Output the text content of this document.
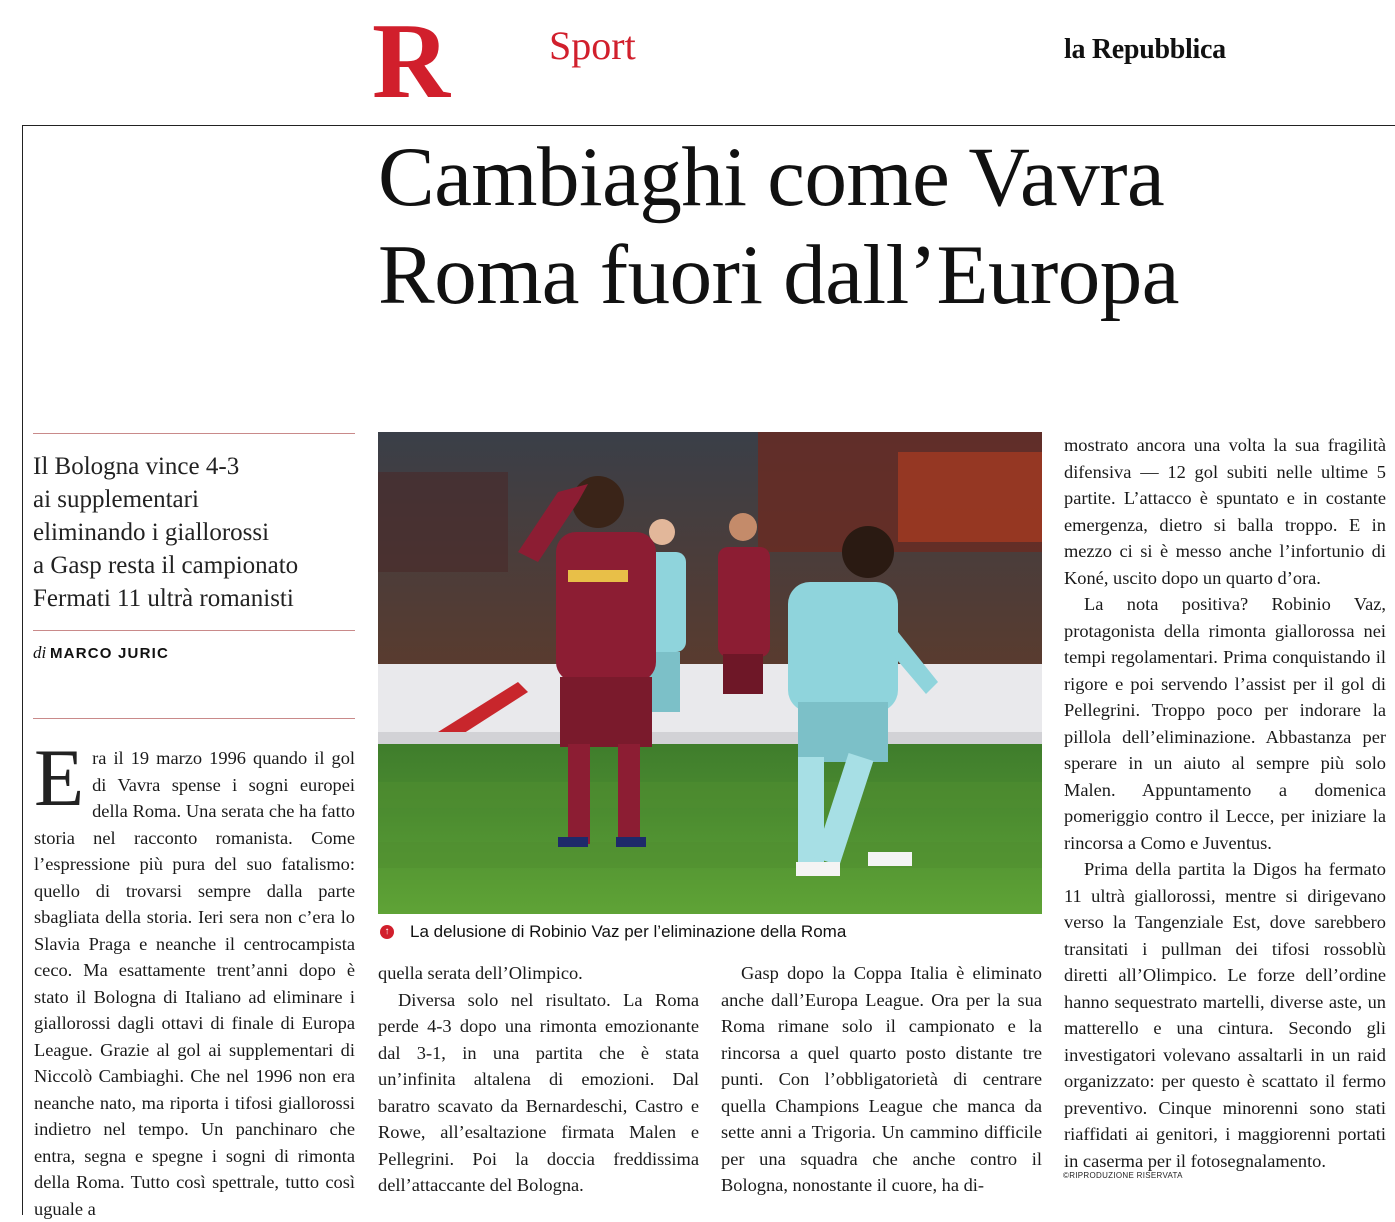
R Sport	la Repubblica
Cambiaghi come Vavra
Roma fuori dall’Europa
Il Bologna vince 4-3
ai supplementari
eliminando i giallorossi
a Gasp resta il campionato
Fermati 11 ultrà romanisti
di MARCO JURIC

Era il 19 marzo 1996 quando il gol di Vavra spense i sogni europei della Roma. Una serata che ha fatto storia nel racconto romanista. Come l’espressione più pura del suo fatalismo: quello di trovarsi sempre dalla parte sbagliata della storia. Ieri sera non c’era lo Slavia Praga e neanche il centrocampista ceco. Ma esattamente trent’anni dopo è stato il Bologna di Italiano ad eliminare i giallorossi dagli ottavi di finale di Europa League. Grazie al gol ai supplementari di Niccolò Cambiaghi. Che nel 1996 non era neanche nato, ma riporta i tifosi giallorossi indietro nel tempo. Un panchinaro che entra, segna e spegne i sogni di rimonta della Roma. Tutto così spettrale, tutto così uguale a

↑ La delusione di Robinio Vaz per l’eliminazione della Roma

quella serata dell’Olimpico.

Diversa solo nel risultato. La Roma perde 4-3 dopo una rimonta emozionante dal 3-1, in una partita che è stata un’infinita altalena di emozioni. Dal baratro scavato da Bernardeschi, Castro e Rowe, all’esaltazione firmata Malen e Pellegrini. Poi la doccia freddissima dell’attaccante del Bologna.

Gasp dopo la Coppa Italia è eliminato anche dall’Europa League. Ora per la sua Roma rimane solo il campionato e la rincorsa a quel quarto posto distante tre punti. Con l’obbligatorietà di centrare quella Champions League che manca da sette anni a Trigoria. Un cammino difficile per una squadra che anche contro il Bologna, nonostante il cuore, ha di-

mostrato ancora una volta la sua fragilità difensiva — 12 gol subiti nelle ultime 5 partite. L’attacco è spuntato e in costante emergenza, dietro si balla troppo. E in mezzo ci si è messo anche l’infortunio di Koné, uscito dopo un quarto d’ora.

La nota positiva? Robinio Vaz, protagonista della rimonta giallorossa nei tempi regolamentari. Prima conquistando il rigore e poi servendo l’assist per il gol di Pellegrini. Troppo poco per indorare la pillola dell’eliminazione. Abbastanza per sperare in un aiuto al sempre più solo Malen. Appuntamento a domenica pomeriggio contro il Lecce, per iniziare la rincorsa a Como e Juventus.

Prima della partita la Digos ha fermato 11 ultrà giallorossi, mentre si dirigevano verso la Tangenziale Est, dove sarebbero transitati i pullman dei tifosi rossoblù diretti all’Olimpico. Le forze dell’ordine hanno sequestrato martelli, diverse aste, un matterello e una cintura. Secondo gli investigatori volevano assaltarli in un raid organizzato: per questo è scattato il fermo preventivo. Cinque minorenni sono stati riaffidati ai genitori, i maggiorenni portati in caserma per il fotosegnalamento.

©RIPRODUZIONE RISERVATA
